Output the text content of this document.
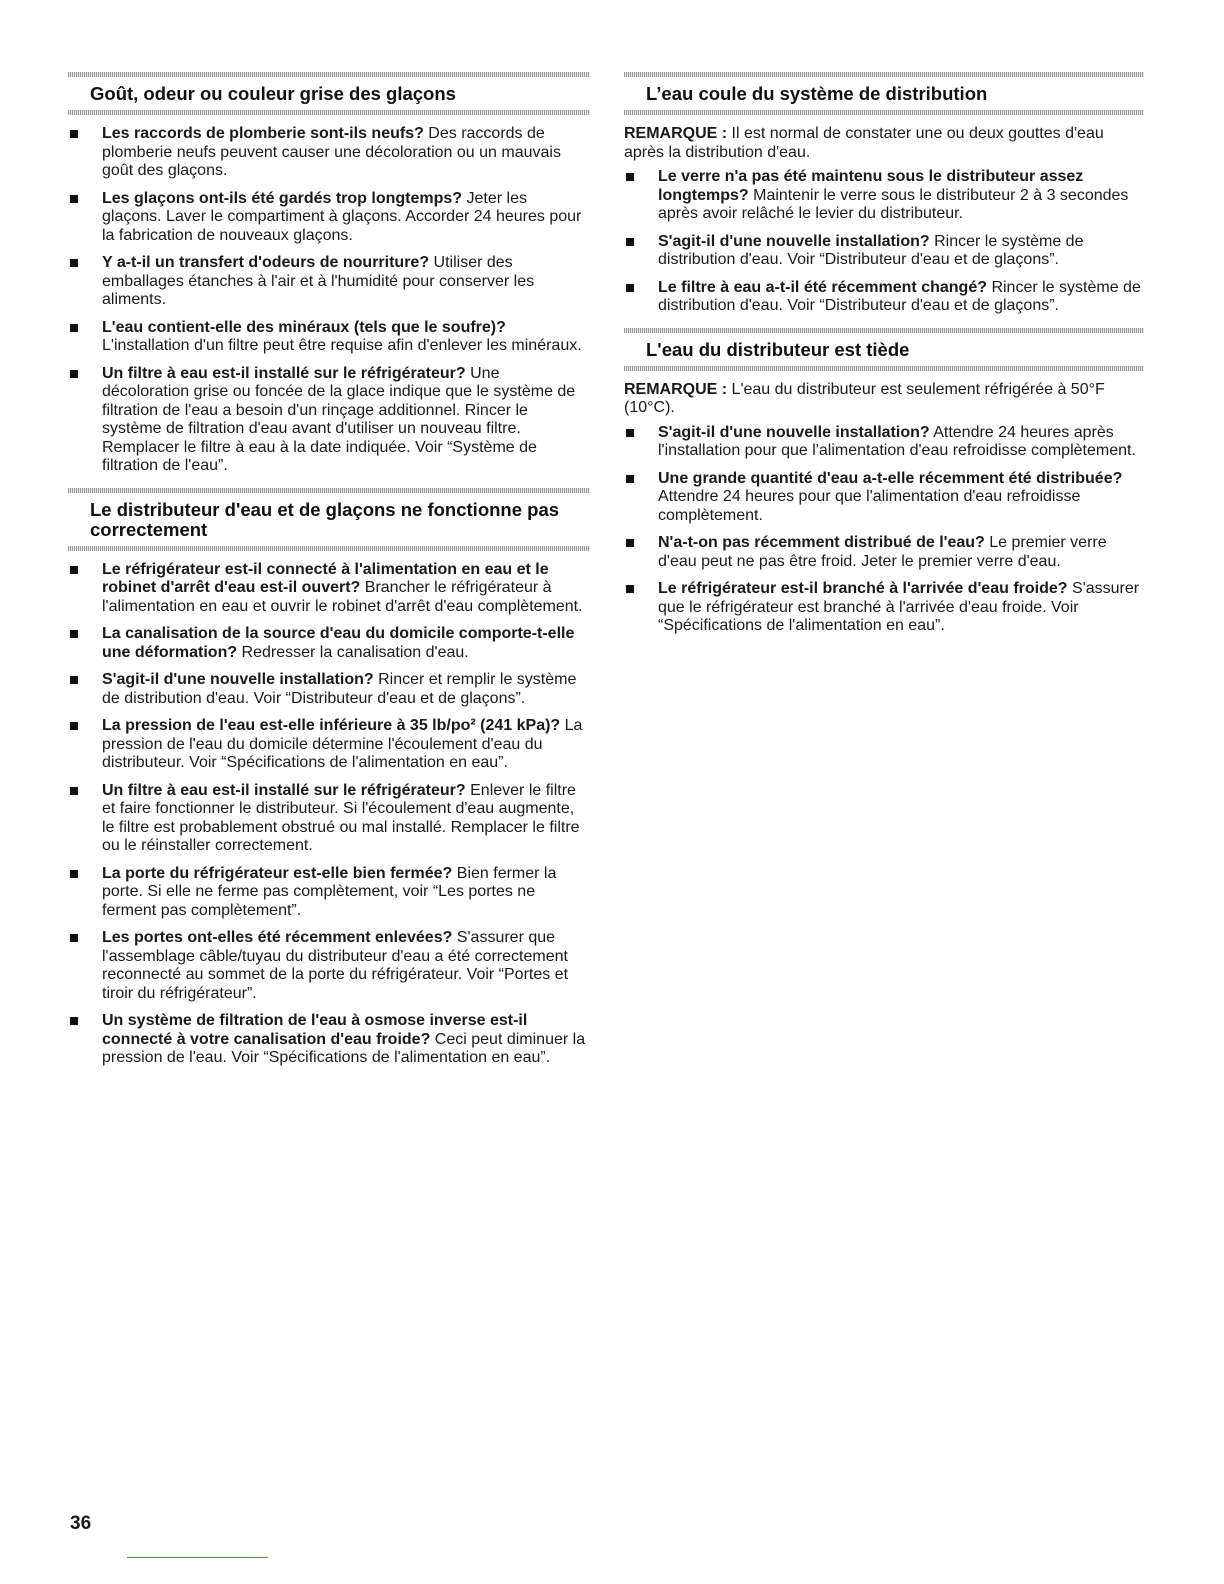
Goût, odeur ou couleur grise des glaçons
Les raccords de plomberie sont-ils neufs? Des raccords de plomberie neufs peuvent causer une décoloration ou un mauvais goût des glaçons.
Les glaçons ont-ils été gardés trop longtemps? Jeter les glaçons. Laver le compartiment à glaçons. Accorder 24 heures pour la fabrication de nouveaux glaçons.
Y a-t-il un transfert d'odeurs de nourriture? Utiliser des emballages étanches à l'air et à l'humidité pour conserver les aliments.
L'eau contient-elle des minéraux (tels que le soufre)? L'installation d'un filtre peut être requise afin d'enlever les minéraux.
Un filtre à eau est-il installé sur le réfrigérateur? Une décoloration grise ou foncée de la glace indique que le système de filtration de l'eau a besoin d'un rinçage additionnel. Rincer le système de filtration d'eau avant d'utiliser un nouveau filtre. Remplacer le filtre à eau à la date indiquée. Voir “Système de filtration de l'eau”.
Le distributeur d'eau et de glaçons ne fonctionne pas correctement
Le réfrigérateur est-il connecté à l'alimentation en eau et le robinet d'arrêt d'eau est-il ouvert? Brancher le réfrigérateur à l'alimentation en eau et ouvrir le robinet d'arrêt d'eau complètement.
La canalisation de la source d'eau du domicile comporte-t-elle une déformation? Redresser la canalisation d'eau.
S'agit-il d'une nouvelle installation? Rincer et remplir le système de distribution d'eau. Voir “Distributeur d'eau et de glaçons”.
La pression de l'eau est-elle inférieure à 35 lb/po² (241 kPa)? La pression de l'eau du domicile détermine l'écoulement d'eau du distributeur. Voir “Spécifications de l'alimentation en eau”.
Un filtre à eau est-il installé sur le réfrigérateur? Enlever le filtre et faire fonctionner le distributeur. Si l'écoulement d'eau augmente, le filtre est probablement obstrué ou mal installé. Remplacer le filtre ou le réinstaller correctement.
La porte du réfrigérateur est-elle bien fermée? Bien fermer la porte. Si elle ne ferme pas complètement, voir “Les portes ne ferment pas complètement”.
Les portes ont-elles été récemment enlevées? S'assurer que l'assemblage câble/tuyau du distributeur d'eau a été correctement reconnecté au sommet de la porte du réfrigérateur. Voir “Portes et tiroir du réfrigérateur”.
Un système de filtration de l'eau à osmose inverse est-il connecté à votre canalisation d'eau froide? Ceci peut diminuer la pression de l'eau. Voir “Spécifications de l'alimentation en eau”.
L’eau coule du système de distribution

REMARQUE : Il est normal de constater une ou deux gouttes d'eau après la distribution d'eau.

Le verre n'a pas été maintenu sous le distributeur assez longtemps? Maintenir le verre sous le distributeur 2 à 3 secondes après avoir relâché le levier du distributeur.
S'agit-il d'une nouvelle installation? Rincer le système de distribution d'eau. Voir “Distributeur d'eau et de glaçons”.
Le filtre à eau a-t-il été récemment changé? Rincer le système de distribution d'eau. Voir “Distributeur d'eau et de glaçons”.
L'eau du distributeur est tiède

REMARQUE : L'eau du distributeur est seulement réfrigérée à 50°F (10°C).

S'agit-il d'une nouvelle installation? Attendre 24 heures après l'installation pour que l'alimentation d'eau refroidisse complètement.
Une grande quantité d'eau a-t-elle récemment été distribuée? Attendre 24 heures pour que l'alimentation d'eau refroidisse complètement.
N'a-t-on pas récemment distribué de l'eau? Le premier verre d'eau peut ne pas être froid. Jeter le premier verre d'eau.
Le réfrigérateur est-il branché à l'arrivée d'eau froide? S'assurer que le réfrigérateur est branché à l'arrivée d'eau froide. Voir “Spécifications de l'alimentation en eau”.
36
